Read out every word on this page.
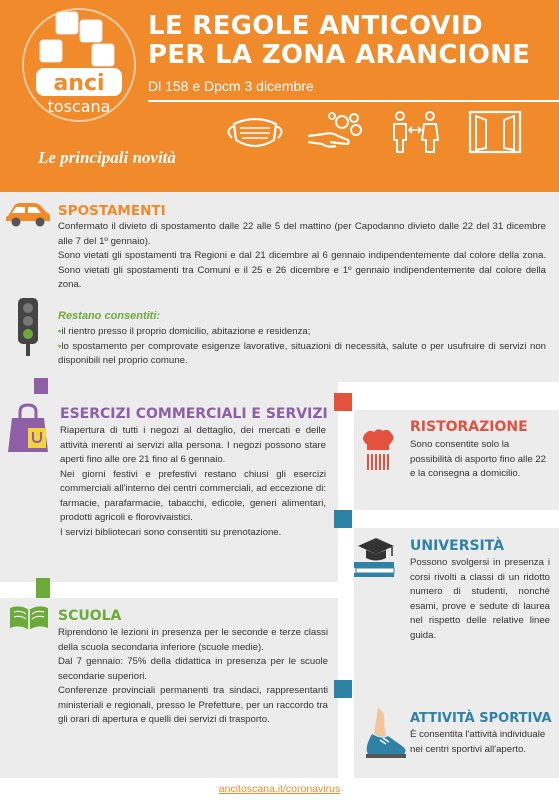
anci
toscana
LE REGOLE ANTICOVID
PER LA ZONA ARANCIONE
Dl 158 e Dpcm 3 dicembre
Le principali novità
SPOSTAMENTI

Confermato il divieto di spostamento dalle 22 alle 5 del mattino (per Capodanno divieto dalle 22 del 31 dicembre alle 7 del 1º gennaio).

Sono vietati gli spostamenti tra Regioni e dal 21 dicembre al 6 gennaio indipendentemente dal colore della zona. Sono vietati gli spostamenti tra Comuni e il 25 e 26 dicembre e 1º gennaio indipendentemente dal colore della zona.

Restano consentiti:
•il rientro presso il proprio domicilio, abitazione e residenza;
•lo spostamento per comprovate esigenze lavorative, situazioni di necessità, salute o per usufruire di servizi non disponibili nel proprio comune.
ESERCIZI COMMERCIALI E SERVIZI

Riapertura di tutti i negozi al dettaglio, dei mercati e delle attività inerenti ai servizi alla persona. I negozi possono stare aperti fino alle ore 21 fino al 6 gennaio.

Nei giorni festivi e prefestivi restano chiusi gli esercizi commerciali all'interno dei centri commerciali, ad eccezione di: farmacie, parafarmacie, tabacchi, edicole, generi alimentari, prodotti agricoli e florovivaistici.

I servizi bibliotecari sono consentiti su prenotazione.

RISTORAZIONE
Sono consentite solo la possibilità di asporto fino alle 22 e la consegna a domicilio.
UNIVERSITÀ
Possono svolgersi in presenza i corsi rivolti a classi di un ridotto numero di studenti, nonché esami, prove e sedute di laurea nel rispetto delle relative linee guida.
SCUOLA

Riprendono le lezioni in presenza per le seconde e terze classi della scuola secondaria inferiore (scuole medie).

Dal 7 gennaio: 75% della didattica in presenza per le scuole secondarie superiori.

Conferenze provinciali permanenti tra sindaci, rappresentanti ministeriali e regionali, presso le Prefetture, per un raccordo tra gli orari di apertura e quelli dei servizi di trasporto.	ATTIVITÀ SPORTIVA
È consentita l'attività individuale nei centri sportivi all'aperto.
ancitoscana.it/coronavirus
